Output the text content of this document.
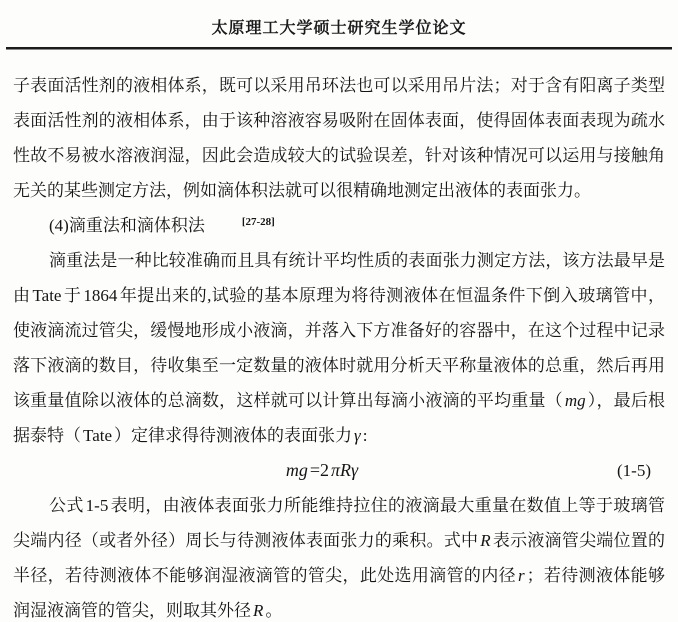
太原理工大学硕士研究生学位论文
子表面活性剂的液相体系，既可以采用吊环法也可以采用吊片法；对于含有阳离子类型
表面活性剂的液相体系，由于该种溶液容易吸附在固体表面，使得固体表面表现为疏水
性故不易被水溶液润湿，因此会造成较大的试验误差，针对该种情况可以运用与接触角
无关的某些测定方法，例如滴体积法就可以很精确地测定出液体的表面张力。
(4)滴重法和滴体积法	[27-28]
滴重法是一种比较准确而且具有统计平均性质的表面张力测定方法，该方法最早是
由 Tate 于 1864 年提出来的,试验的基本原理为将待测液体在恒温条件下倒入玻璃管中，
使液滴流过管尖，缓慢地形成小液滴，并落入下方准备好的容器中，在这个过程中记录
落下液滴的数目，待收集至一定数量的液体时就用分析天平称量液体的总重，然后再用
该重量值除以液体的总滴数，这样就可以计算出每滴小液滴的平均重量（ mg ），最后根
据泰特（ Tate ）定律求得待测液体的表面张力 γ :
mg =2 πRγ	(1-5)
公式 1-5 表明，由液体表面张力所能维持拉住的液滴最大重量在数值上等于玻璃管
尖端内径（或者外径）周长与待测液体表面张力的乘积。式中 R 表示液滴管尖端位置的
半径，若待测液体不能够润湿液滴管的管尖，此处选用滴管的内径 r ；若待测液体能够
润湿液滴管的管尖，则取其外径 R 。
